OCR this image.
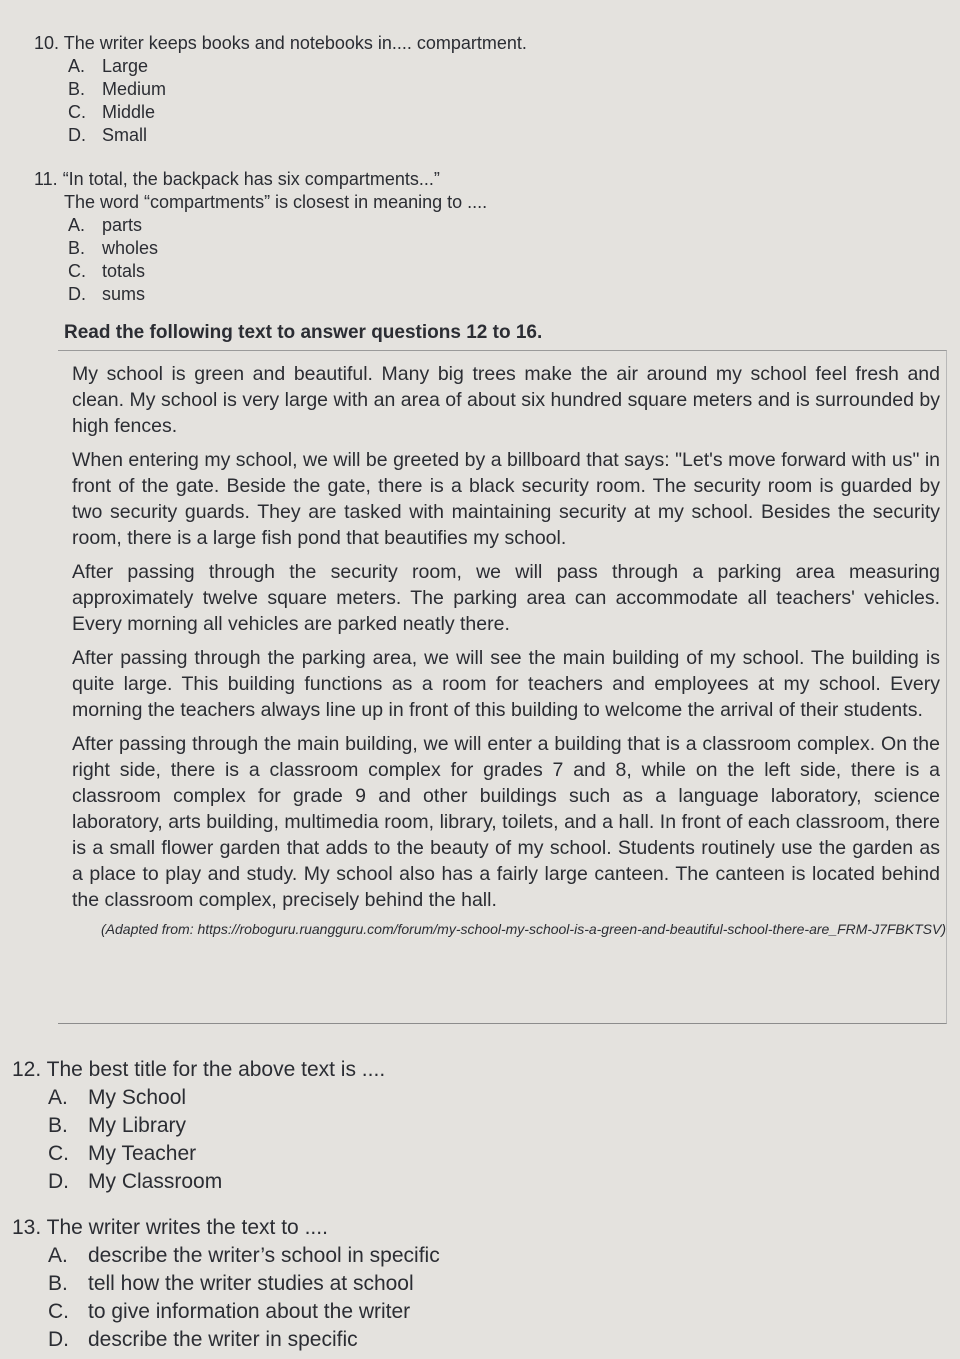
10. The writer keeps books and notebooks in.... compartment.
A. Large
B. Medium
C. Middle
D. Small
11. “In total, the backpack has six compartments...”
The word “compartments” is closest in meaning to ....
A. parts
B. wholes
C. totals
D. sums
Read the following text to answer questions 12 to 16.

My school is green and beautiful. Many big trees make the air around my school feel fresh and clean. My school is very large with an area of about six hundred square meters and is surrounded by high fences.

When entering my school, we will be greeted by a billboard that says: "Let's move forward with us" in front of the gate. Beside the gate, there is a black security room. The security room is guarded by two security guards. They are tasked with maintaining security at my school. Besides the security room, there is a large fish pond that beautifies my school.

After passing through the security room, we will pass through a parking area measuring approximately twelve square meters. The parking area can accommodate all teachers' vehicles. Every morning all vehicles are parked neatly there.

After passing through the parking area, we will see the main building of my school. The building is quite large. This building functions as a room for teachers and employees at my school. Every morning the teachers always line up in front of this building to welcome the arrival of their students.

After passing through the main building, we will enter a building that is a classroom complex. On the right side, there is a classroom complex for grades 7 and 8, while on the left side, there is a classroom complex for grade 9 and other buildings such as a language laboratory, science laboratory, arts building, multimedia room, library, toilets, and a hall. In front of each classroom, there is a small flower garden that adds to the beauty of my school. Students routinely use the garden as a place to play and study. My school also has a fairly large canteen. The canteen is located behind the classroom complex, precisely behind the hall.

(Adapted from: https://roboguru.ruangguru.com/forum/my-school-my-school-is-a-green-and-beautiful-school-there-are_FRM-J7FBKTSV)
12. The best title for the above text is ....
A. My School
B. My Library
C. My Teacher
D. My Classroom
13. The writer writes the text to ....
A. describe the writer’s school in specific
B. tell how the writer studies at school
C. to give information about the writer
D. describe the writer in specific
